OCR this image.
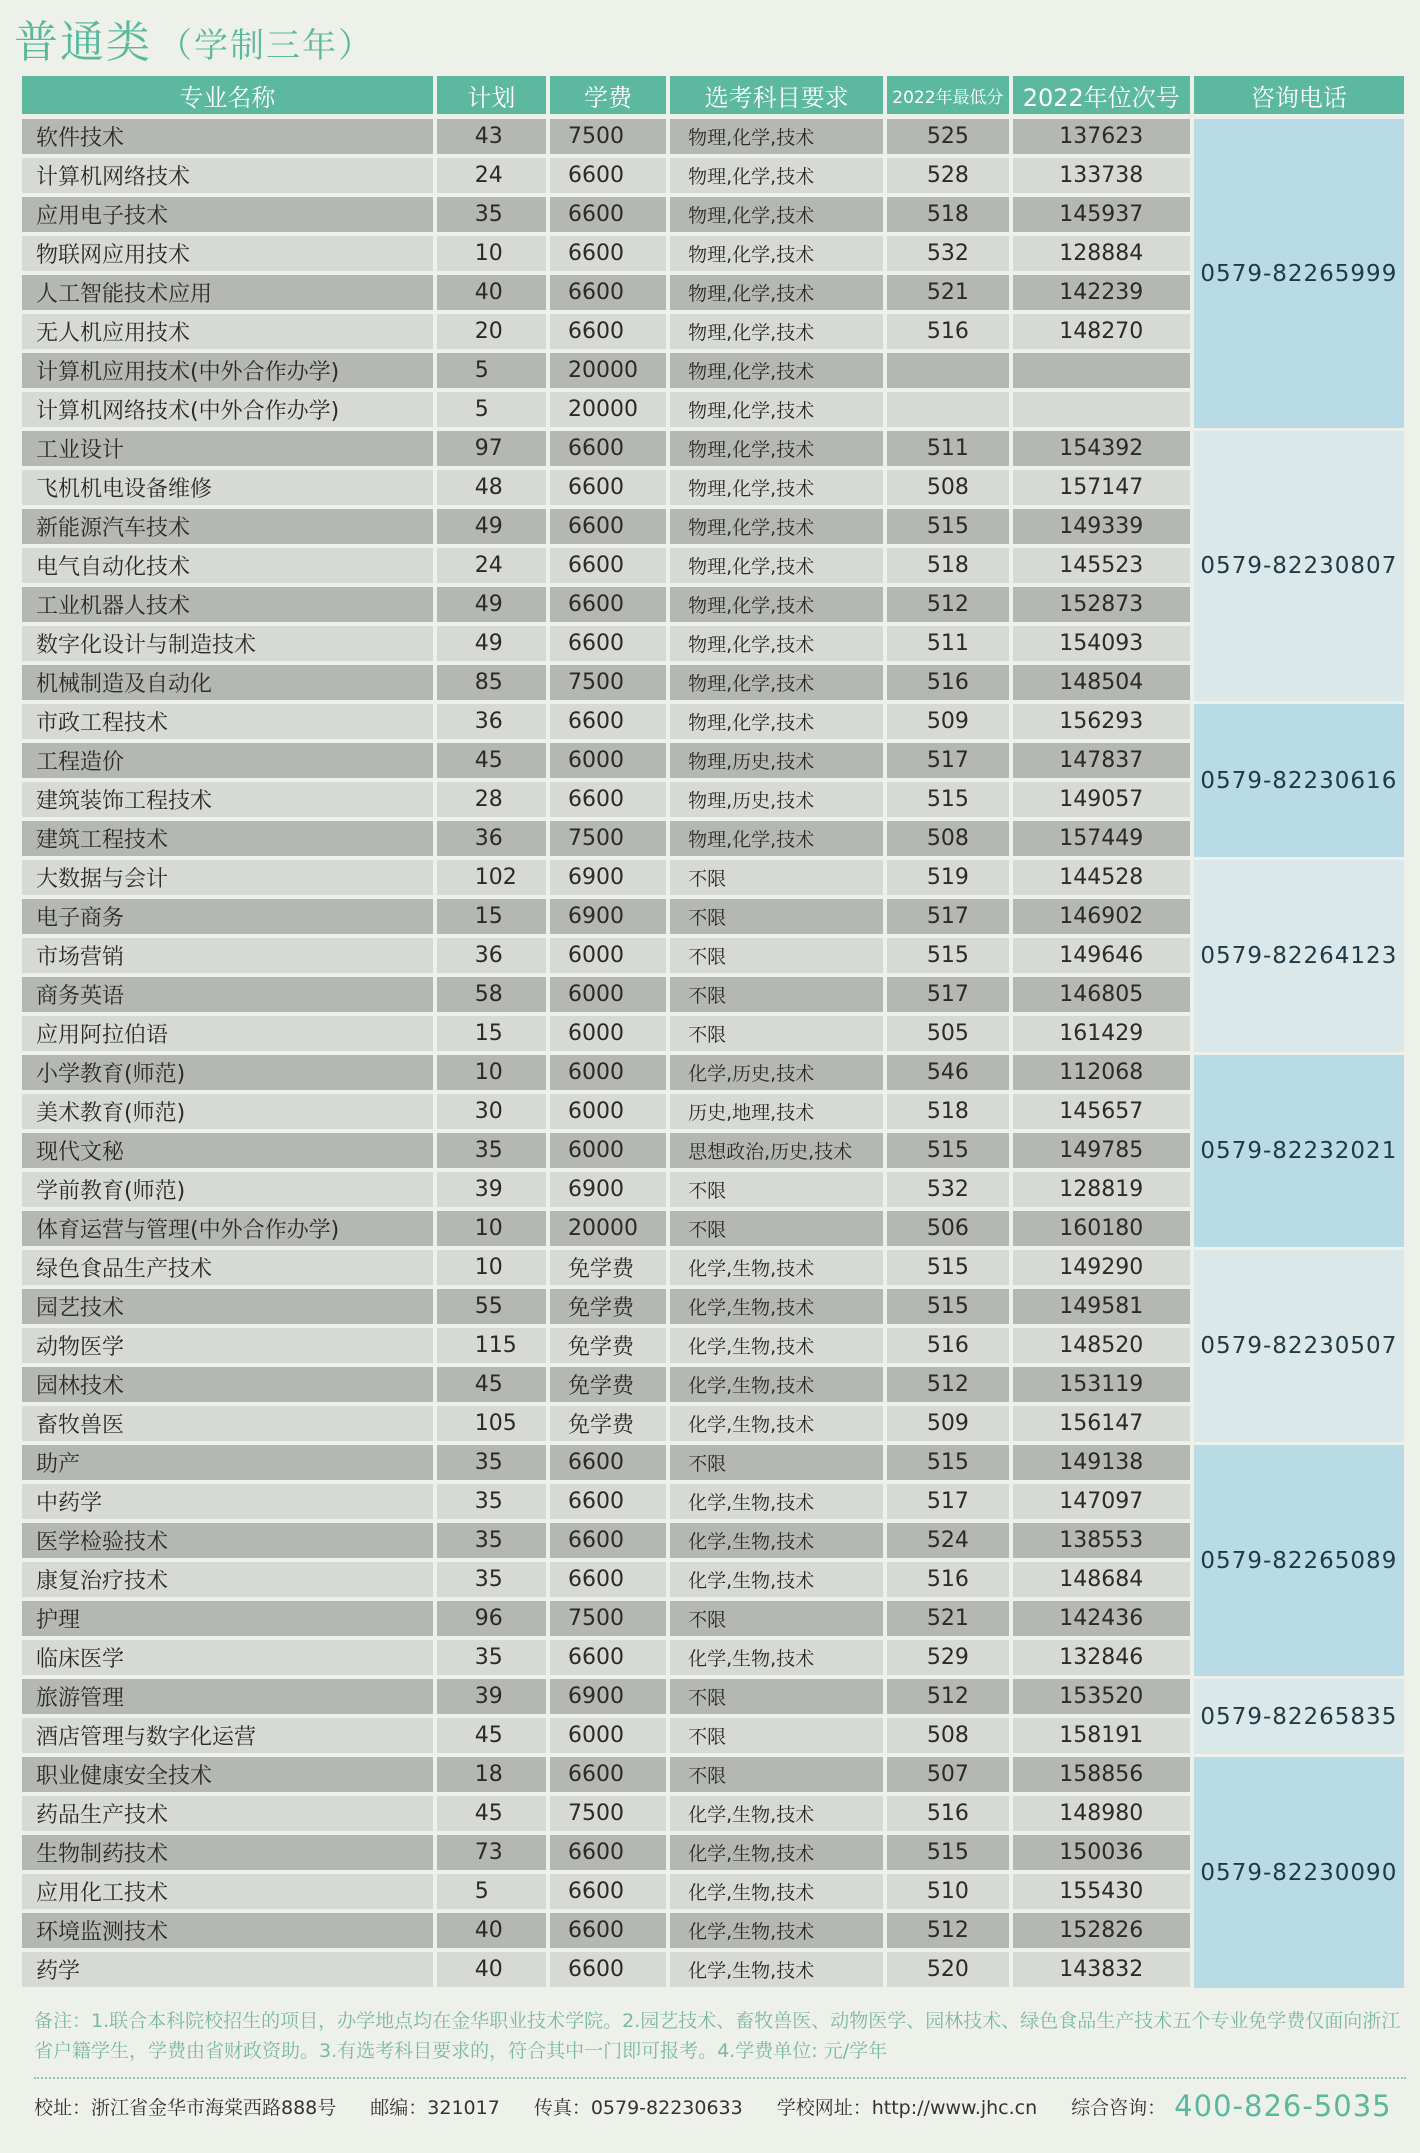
普通类 （学制三年）
专业名称	计划	学费	选考科目要求	2022年最低分	2022年位次号	咨询电话
软件技术	43	7500	物理,化学,技术	525	137623	0579-82265999
计算机网络技术	24	6600	物理,化学,技术	528	133738	
应用电子技术	35	6600	物理,化学,技术	518	145937	
物联网应用技术	10	6600	物理,化学,技术	532	128884	
人工智能技术应用	40	6600	物理,化学,技术	521	142239	
无人机应用技术	20	6600	物理,化学,技术	516	148270	
计算机应用技术(中外合作办学)	5	20000	物理,化学,技术			
计算机网络技术(中外合作办学)	5	20000	物理,化学,技术			
工业设计	97	6600	物理,化学,技术	511	154392	0579-82230807
飞机机电设备维修	48	6600	物理,化学,技术	508	157147	
新能源汽车技术	49	6600	物理,化学,技术	515	149339	
电气自动化技术	24	6600	物理,化学,技术	518	145523	
工业机器人技术	49	6600	物理,化学,技术	512	152873	
数字化设计与制造技术	49	6600	物理,化学,技术	511	154093	
机械制造及自动化	85	7500	物理,化学,技术	516	148504	
市政工程技术	36	6600	物理,化学,技术	509	156293	0579-82230616
工程造价	45	6000	物理,历史,技术	517	147837	
建筑装饰工程技术	28	6600	物理,历史,技术	515	149057	
建筑工程技术	36	7500	物理,化学,技术	508	157449	
大数据与会计	102	6900	不限	519	144528	0579-82264123
电子商务	15	6900	不限	517	146902	
市场营销	36	6000	不限	515	149646	
商务英语	58	6000	不限	517	146805	
应用阿拉伯语	15	6000	不限	505	161429	
小学教育(师范)	10	6000	化学,历史,技术	546	112068	0579-82232021
美术教育(师范)	30	6000	历史,地理,技术	518	145657	
现代文秘	35	6000	思想政治,历史,技术	515	149785	
学前教育(师范)	39	6900	不限	532	128819	
体育运营与管理(中外合作办学)	10	20000	不限	506	160180	
绿色食品生产技术	10	免学费	化学,生物,技术	515	149290	0579-82230507
园艺技术	55	免学费	化学,生物,技术	515	149581	
动物医学	115	免学费	化学,生物,技术	516	148520	
园林技术	45	免学费	化学,生物,技术	512	153119	
畜牧兽医	105	免学费	化学,生物,技术	509	156147	
助产	35	6600	不限	515	149138	0579-82265089
中药学	35	6600	化学,生物,技术	517	147097	
医学检验技术	35	6600	化学,生物,技术	524	138553	
康复治疗技术	35	6600	化学,生物,技术	516	148684	
护理	96	7500	不限	521	142436	
临床医学	35	6600	化学,生物,技术	529	132846	
旅游管理	39	6900	不限	512	153520	0579-82265835
酒店管理与数字化运营	45	6000	不限	508	158191	
职业健康安全技术	18	6600	不限	507	158856	0579-82230090
药品生产技术	45	7500	化学,生物,技术	516	148980	
生物制药技术	73	6600	化学,生物,技术	515	150036	
应用化工技术	5	6600	化学,生物,技术	510	155430	
环境监测技术	40	6600	化学,生物,技术	512	152826	
药学	40	6600	化学,生物,技术	520	143832	
备注：1.联合本科院校招生的项目，办学地点均在金华职业技术学院。2.园艺技术、畜牧兽医、动物医学、园林技术、绿色食品生产技术五个专业免学费仅面向浙江省户籍学生，学费由省财政资助。3.有选考科目要求的，符合其中一门即可报考。4.学费单位: 元/学年
校址：浙江省金华市海棠西路888号 邮编：321017 传真：0579-82230633 学校网址：http://www.jhc.cn 综合咨询： 400-826-5035
